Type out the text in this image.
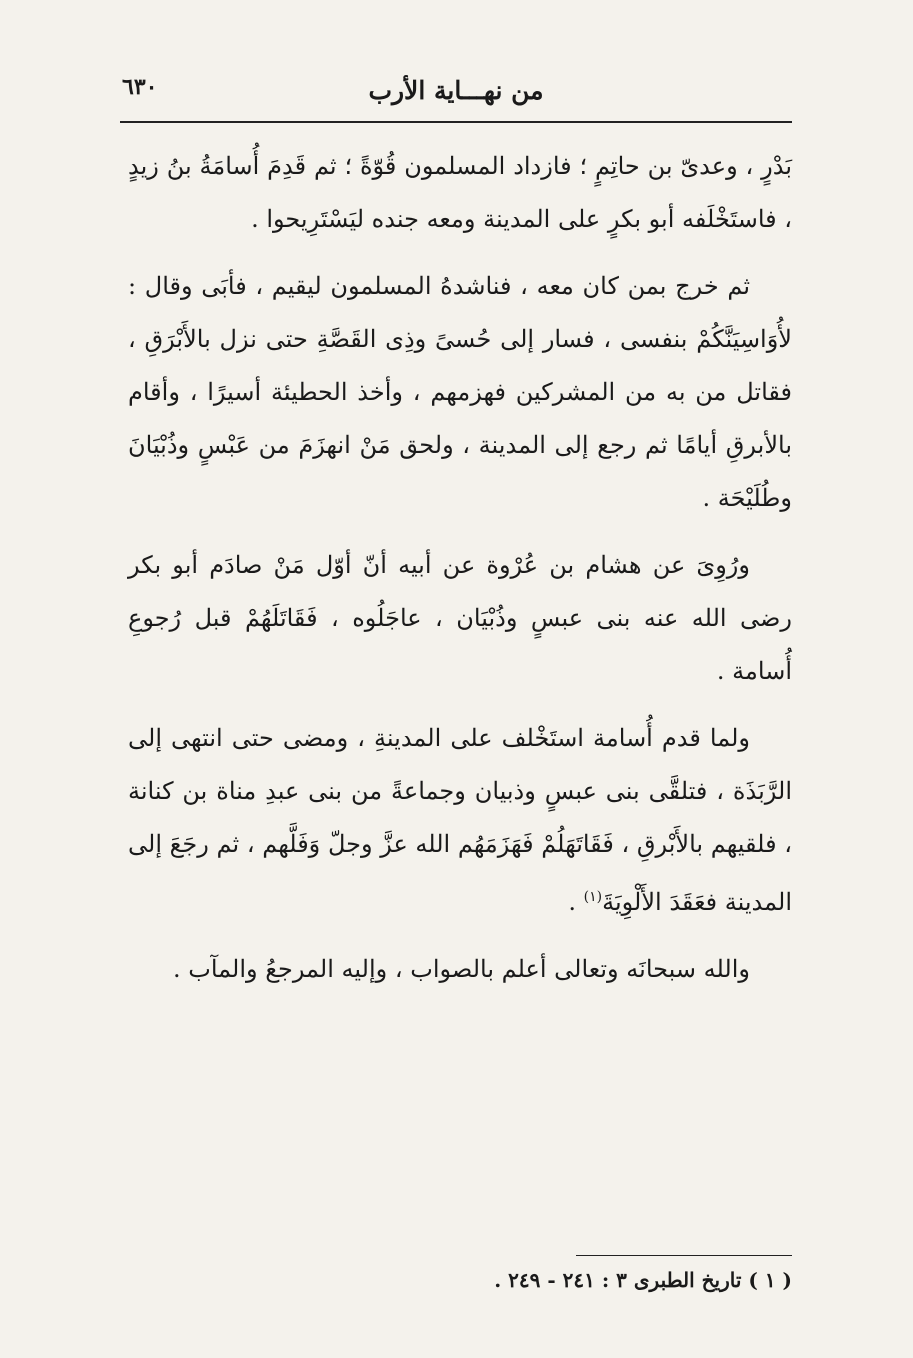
من نهـــاية الأرب
٦٣٠

بَدْرٍ ، وعدىّ بن حاتِمٍ ؛ فازداد المسلمون قُوّةً ؛ ثم قَدِمَ أُسامَةُ بنُ زيدٍ ، فاستَخْلَفه أبو بكرٍ على المدينة ومعه جنده ليَسْتَرِيحوا .

ثم خرج بمن كان معه ، فناشدهُ المسلمون ليقيم ، فأبَى وقال : لأُوَاسِيَنَّكُمْ بنفسى ، فسار إلى حُسىً وذِى القَصَّةِ حتى نزل بالأَبْرَقِ ، فقاتل من به من المشركين فهزمهم ، وأخذ الحطيئة أسيرًا ، وأقام بالأبرقِ أيامًا ثم رجع إلى المدينة ، ولحق مَنْ انهزَمَ من عَبْسٍ وذُبْيَانَ وطُلَيْحَة .

ورُوِىَ عن هشام بن عُرْوة عن أبيه أنّ أوّل مَنْ صادَم أبو بكر رضى الله عنه بنى عبسٍ وذُبْيَان ، عاجَلُوه ، فَقَاتَلَهُمْ قبل رُجوعِ أُسامة .

ولما قدم أُسامة استَخْلف على المدينةِ ، ومضى حتى انتهى إلى الرَّبَذَة ، فتلقَّى بنى عبسٍ وذبيان وجماعةً من بنى عبدِ مناة بن كنانة ، فلقيهم بالأَبْرقِ ، فَقَاتَهَلُمْ فَهَزَمَهُم الله عزَّ وجلّ وَفَلَّهم ، ثم رجَعَ إلى المدينة فعَقَدَ الأَلْوِيَةَ$^{(١)}$ .

والله سبحانَه وتعالى أعلم بالصواب ، وإليه المرجعُ والمآب .

( ١ ) تاريخ الطبرى ٣ : ٢٤١ - ٢٤٩ .
